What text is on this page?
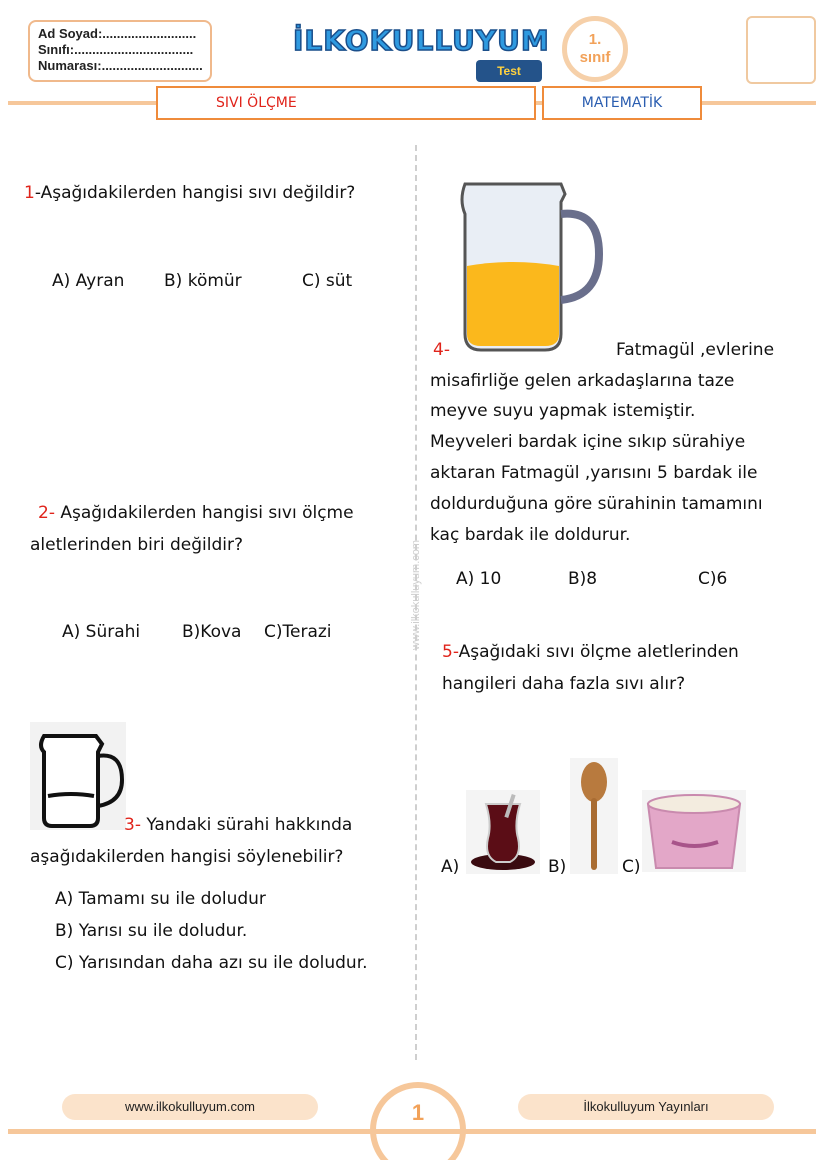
Ad Soyad:..........................
Sınıfı:.................................
Numarası:............................
İLKOKULLUYUM
Test
1.
sınıf
SIVI ÖLÇME	MATEMATİK
www.ilkokulluyum.com
1-Aşağıdakilerden hangisi sıvı değildir?
A) Ayran B) kömür	C) süt
2- Aşağıdakilerden hangisi sıvı ölçme
aletlerinden biri değildir?
A) Sürahi B)Kova C)Terazi
3- Yandaki sürahi hakkında
aşağıdakilerden hangisi söylenebilir?
A) Tamamı su ile doludur
B) Yarısı su ile doludur.
C) Yarısından daha azı su ile doludur.
4-	Fatmagül ,evlerine
misafirliğe gelen arkadaşlarına taze
meyve suyu yapmak istemiştir.
Meyveleri bardak içine sıkıp sürahiye
aktaran Fatmagül ,yarısını 5 bardak ile
doldurduğuna göre sürahinin tamamını
kaç bardak ile doldurur.
A) 10	B)8	C)6
5-Aşağıdaki sıvı ölçme aletlerinden
hangileri daha fazla sıvı alır?
A)	B)	C)
www.ilkokulluyum.com	1	İlkokulluyum Yayınları
